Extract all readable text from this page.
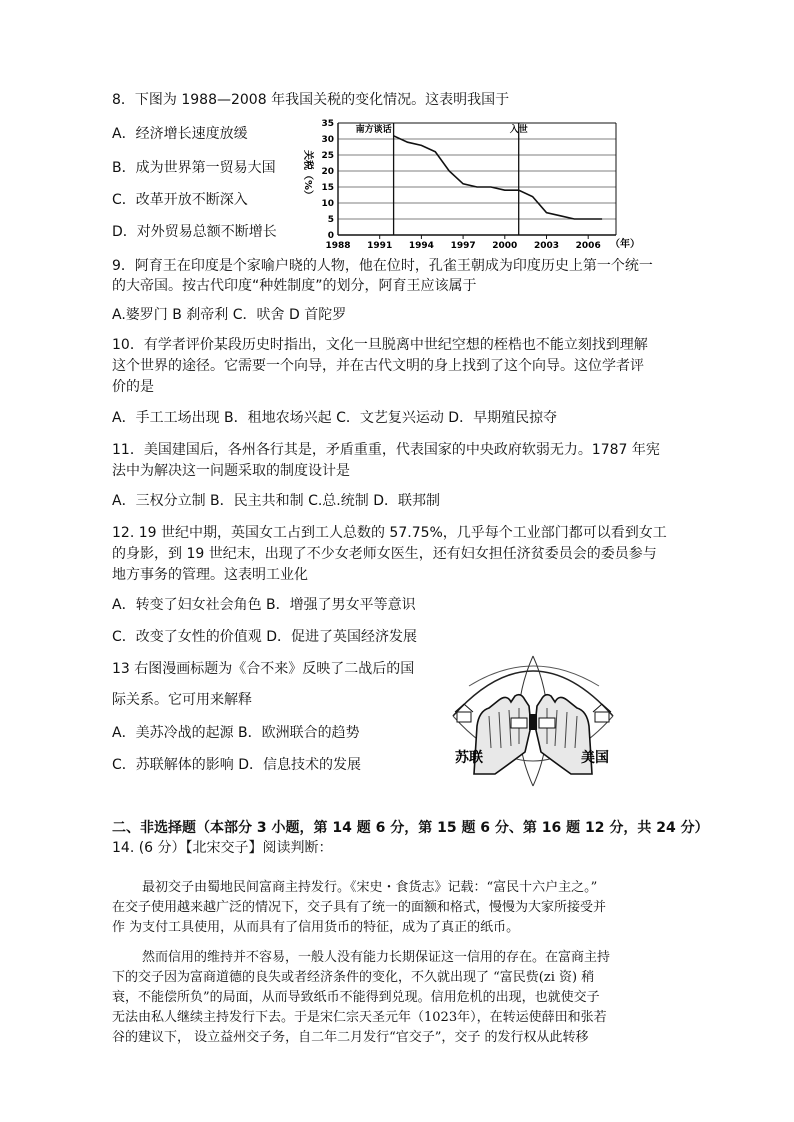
8．下图为 1988—2008 年我国关税的变化情况。这表明我国于
A．经济增长速度放缓
B．成为世界第一贸易大国
C．改革开放不断深入
D．对外贸易总额不断增长	0
5
10
15
20
25
30
35
1988 1991 1994 1997 2000 2003 2006
南方谈话	入世
关税（%）
（年）
9．阿育王在印度是个家喻户晓的人物，他在位时，孔雀王朝成为印度历史上第一个统一
的大帝国。按古代印度“种姓制度”的划分，阿育王应该属于
A.婆罗门 B 刹帝利 C．吠舍 D 首陀罗
10．有学者评价某段历史时指出，文化一旦脱离中世纪空想的桎梏也不能立刻找到理解
这个世界的途径。它需要一个向导，并在古代文明的身上找到了这个向导。这位学者评
价的是
A．手工工场出现 B．租地农场兴起 C．文艺复兴运动 D．早期殖民掠夺
11．美国建国后，各州各行其是，矛盾重重，代表国家的中央政府软弱无力。1787 年宪
法中为解决这一问题采取的制度设计是
A．三权分立制 B．民主共和制 C.总.统制 D．联邦制
12. 19 世纪中期，英国女工占到工人总数的 57.75%，几乎每个工业部门都可以看到女工
的身影，到 19 世纪末，出现了不少女老师女医生，还有妇女担任济贫委员会的委员参与
地方事务的管理。这表明工业化
A．转变了妇女社会角色 B．增强了男女平等意识
C．改变了女性的价值观 D．促进了英国经济发展
13 右图漫画标题为《合不来》反映了二战后的国
际关系。它可用来解释
A．美苏冷战的起源 B．欧洲联合的趋势
C．苏联解体的影响 D．信息技术的发展	苏联	美国
二、非选择题（本部分 3 小题，第 14 题 6 分，第 15 题 6 分、第 16 题 12 分，共 24 分）
14. (6 分）【北宋交子】阅读判断：
最初交子由蜀地民间富商主持发行。《宋史・食货志》记载：“富民十六户主之。”
在交子使用越来越广泛的情况下，交子具有了统一的面额和格式，慢慢为大家所接受并
作 为支付工具使用，从而具有了信用货币的特征，成为了真正的纸币。
然而信用的维持并不容易，一般人没有能力长期保证这一信用的存在。在富商主持
下的交子因为富商道德的良失或者经济条件的变化，不久就出现了 “富民赀(zi 资) 稍
衰，不能偿所负”的局面，从而导致纸币不能得到兑现。信用危机的出现，也就使交子
无法由私人继续主持发行下去。于是宋仁宗天圣元年（1023年），在转运使薛田和张若
谷的建议下， 设立益州交子务，自二年二月发行“官交子”，交子 的发行权从此转移
